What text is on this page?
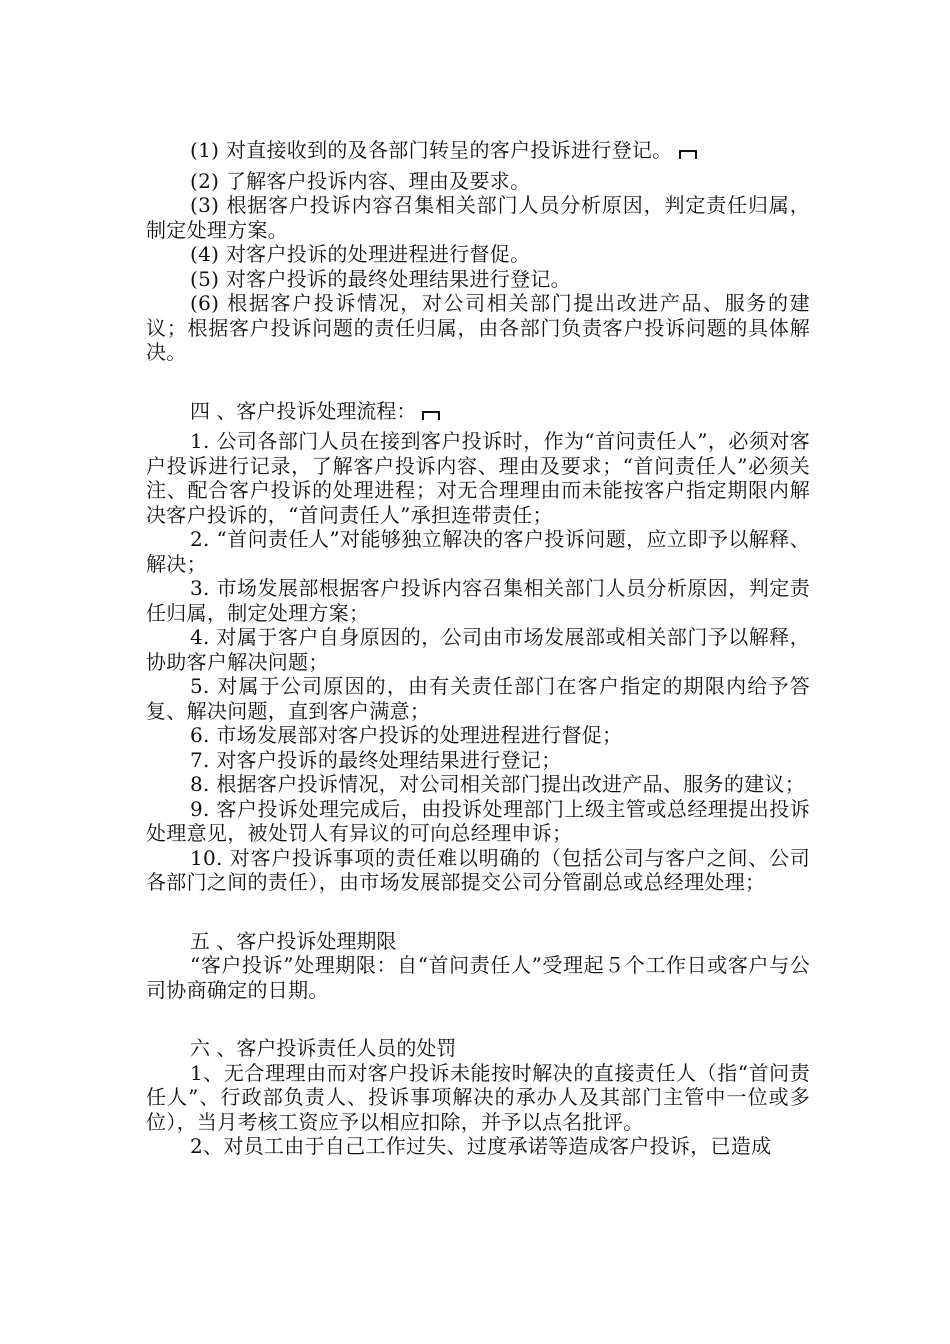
(1) 对直接收到的及各部门转呈的客户投诉进行登记。

(2) 了解客户投诉内容、理由及要求。

(3) 根据客户投诉内容召集相关部门人员分析原因，判定责任归属，制定处理方案。

(4) 对客户投诉的处理进程进行督促。

(5) 对客户投诉的最终处理结果进行登记。

(6) 根据客户投诉情况，对公司相关部门提出改进产品、服务的建议；根据客户投诉问题的责任归属，由各部门负责客户投诉问题的具体解决。

四 、客户投诉处理流程：

1. 公司各部门人员在接到客户投诉时，作为“首问责任人”，必须对客户投诉进行记录，了解客户投诉内容、理由及要求；“首问责任人”必须关注、配合客户投诉的处理进程；对无合理理由而未能按客户指定期限内解决客户投诉的，“首问责任人”承担连带责任；

2. “首问责任人”对能够独立解决的客户投诉问题，应立即予以解释、解决；

3. 市场发展部根据客户投诉内容召集相关部门人员分析原因，判定责任归属，制定处理方案；

4. 对属于客户自身原因的，公司由市场发展部或相关部门予以解释，协助客户解决问题；

5. 对属于公司原因的，由有关责任部门在客户指定的期限内给予答复、解决问题，直到客户满意；

6. 市场发展部对客户投诉的处理进程进行督促；

7. 对客户投诉的最终处理结果进行登记；

8. 根据客户投诉情况，对公司相关部门提出改进产品、服务的建议；

9. 客户投诉处理完成后，由投诉处理部门上级主管或总经理提出投诉处理意见，被处罚人有异议的可向总经理申诉；

10. 对客户投诉事项的责任难以明确的（包括公司与客户之间、公司各部门之间的责任），由市场发展部提交公司分管副总或总经理处理；

五 、客户投诉处理期限

“客户投诉”处理期限：自“首问责任人”受理起５个工作日或客户与公司协商确定的日期。

六 、客户投诉责任人员的处罚

1、无合理理由而对客户投诉未能按时解决的直接责任人（指“首问责任人”、行政部负责人、投诉事项解决的承办人及其部门主管中一位或多位），当月考核工资应予以相应扣除，并予以点名批评。

2、对员工由于自己工作过失、过度承诺等造成客户投诉，已造成
